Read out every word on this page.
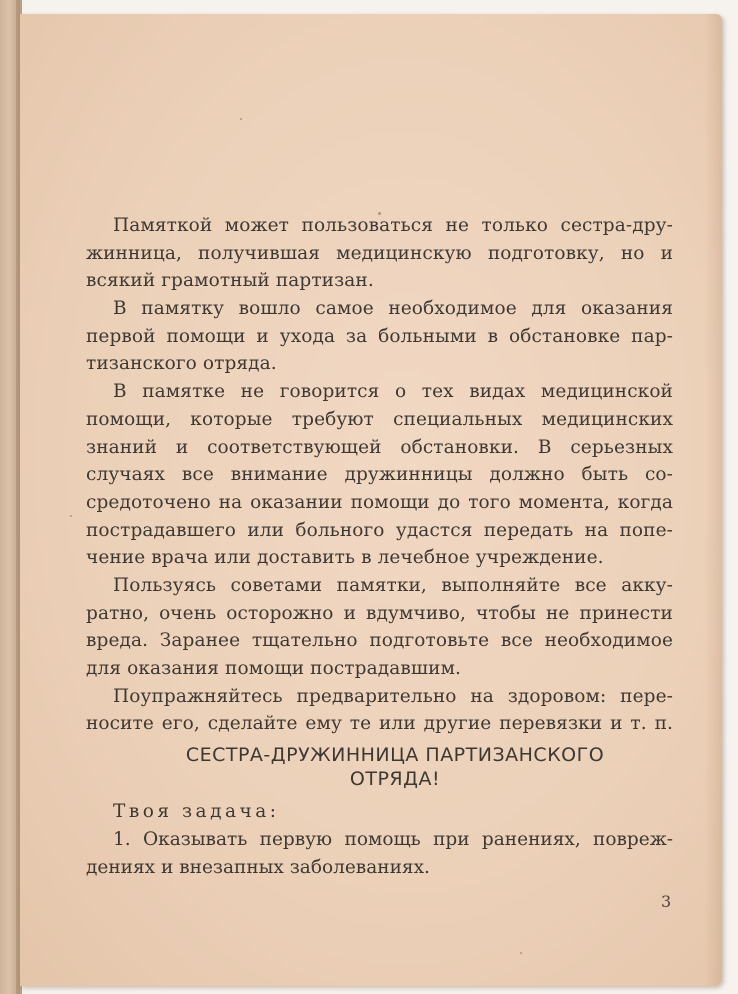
Памяткой может пользоваться не только сестра-дру-
жинница, получившая медицинскую подготовку, но и
всякий грамотный партизан.
В памятку вошло самое необходимое для оказания
первой помощи и ухода за больными в обстановке пар-
тизанского отряда.
В памятке не говорится о тех видах медицинской
помощи, которые требуют специальных медицинских
знаний и соответствующей обстановки. В серьезных
случаях все внимание дружинницы должно быть со-
средоточено на оказании помощи до того момента, когда
пострадавшего или больного удастся передать на попе-
чение врача или доставить в лечебное учреждение.
Пользуясь советами памятки, выполняйте все акку-
ратно, очень осторожно и вдумчиво, чтобы не принести
вреда. Заранее тщательно подготовьте все необходимое
для оказания помощи пострадавшим.
Поупражняйтесь предварительно на здоровом: пере-
носите его, сделайте ему те или другие перевязки и т. п.
СЕСТРА-ДРУЖИННИЦА ПАРТИЗАНСКОГО
ОТРЯДА!
Твоя задача:
1. Оказывать первую помощь при ранениях, повреж-
дениях и внезапных заболеваниях.
3
